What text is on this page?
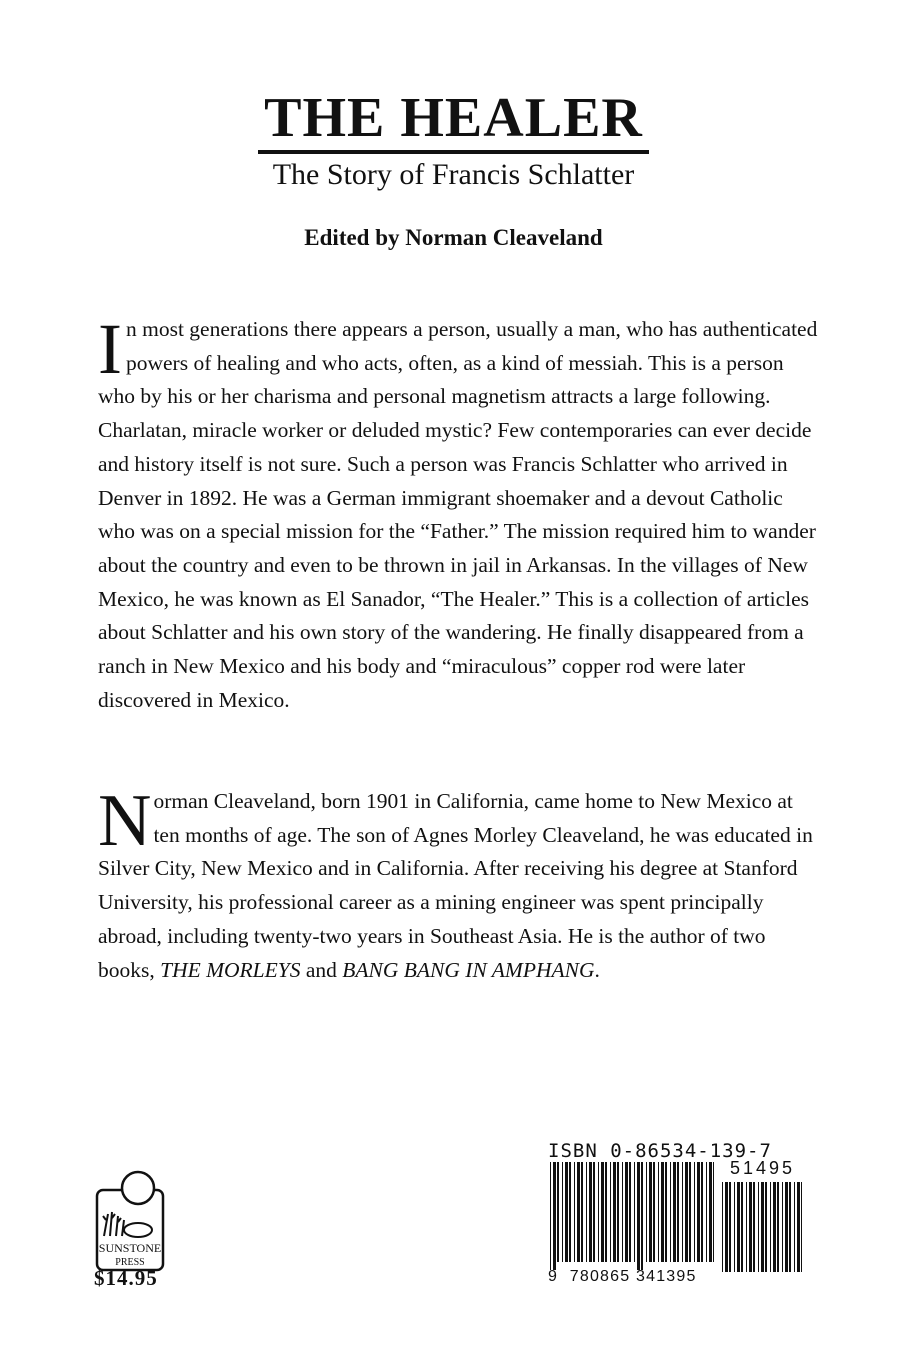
THE HEALER
The Story of Francis Schlatter
Edited by Norman Cleaveland
In most generations there appears a person, usually a man, who has authenticated powers of healing and who acts, often, as a kind of messiah. This is a person who by his or her charisma and personal magnetism attracts a large following. Charlatan, miracle worker or deluded mystic? Few contemporaries can ever decide and history itself is not sure. Such a person was Francis Schlatter who arrived in Denver in 1892. He was a German immigrant shoemaker and a devout Catholic who was on a special mission for the “Father.” The mission required him to wander about the country and even to be thrown in jail in Arkansas. In the villages of New Mexico, he was known as El Sanador, “The Healer.” This is a collection of articles about Schlatter and his own story of the wandering. He finally disappeared from a ranch in New Mexico and his body and “miraculous” copper rod were later discovered in Mexico.
Norman Cleaveland, born 1901 in California, came home to New Mexico at ten months of age. The son of Agnes Morley Cleaveland, he was educated in Silver City, New Mexico and in California. After receiving his degree at Stanford University, his professional career as a mining engineer was spent principally abroad, including twenty-two years in Southeast Asia. He is the author of two books, THE MORLEYS and BANG BANG IN AMPHANG.
SUNSTONE
PRESS
$14.95
ISBN 0-86534-139-7
51495
9 780865 341395
